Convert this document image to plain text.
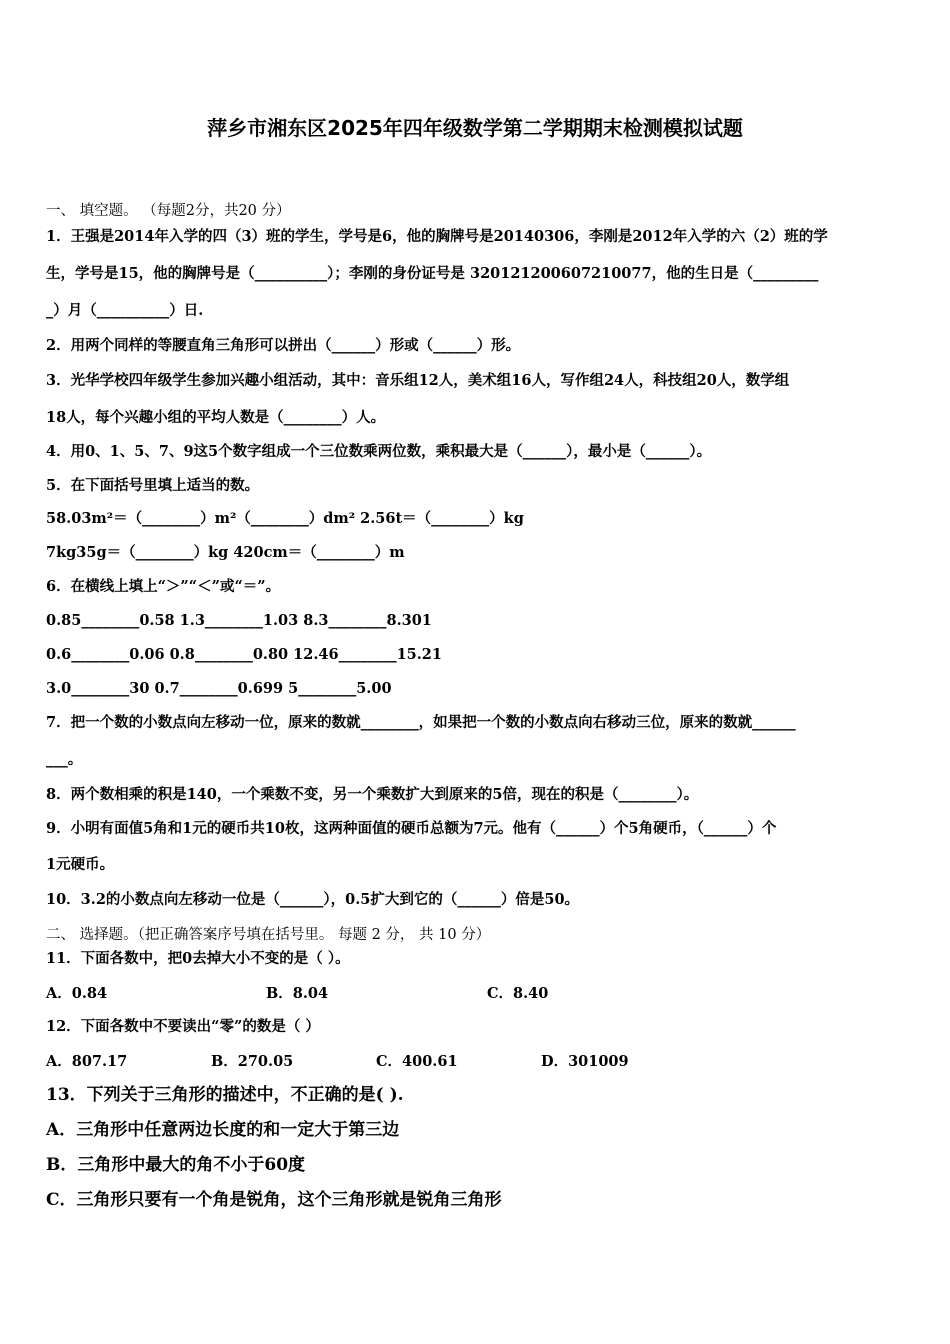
萍乡市湘东区2025年四年级数学第二学期期末检测模拟试题
一、 填空题。 （每题2分，共20 分）
1．王强是2014年入学的四（3）班的学生，学号是6，他的胸牌号是20140306，李刚是2012年入学的六（2）班的学
生，学号是15，他的胸牌号是（__________）；李刚的身份证号是 320121200607210077，他的生日是（_________
_）月（__________）日.
2．用两个同样的等腰直角三角形可以拼出（______）形或（______）形。
3．光华学校四年级学生参加兴趣小组活动，其中：音乐组12人，美术组16人，写作组24人，科技组20人，数学组
18人，每个兴趣小组的平均人数是（________）人。
4．用0、1、5、7、9这5个数字组成一个三位数乘两位数，乘积最大是（______），最小是（______）。
5．在下面括号里填上适当的数。
58.03m²＝（________）m²（________）dm² 2.56t＝（________）kg
7kg35g＝（________）kg 420cm＝（________）m
6．在横线上填上“＞”“＜”或“＝”。
0.85________0.58 1.3________1.03 8.3________8.301
0.6________0.06 0.8________0.80 12.46________15.21
3.0________30 0.7________0.699 5________5.00
7．把一个数的小数点向左移动一位，原来的数就________，如果把一个数的小数点向右移动三位，原来的数就______
___。
8．两个数相乘的积是140，一个乘数不变，另一个乘数扩大到原来的5倍，现在的积是（________）。
9．小明有面值5角和1元的硬币共10枚，这两种面值的硬币总额为7元。他有（______）个5角硬币，（______）个
1元硬币。
10．3.2的小数点向左移动一位是（______），0.5扩大到它的（______）倍是50。
二、 选择题。（把正确答案序号填在括号里。 每题 2 分， 共 10 分）
11．下面各数中，把0去掉大小不变的是（ ）。
A．0.84	B．8.04	C．8.40
12．下面各数中不要读出“零”的数是（ ）
A．807.17	B．270.05	C．400.61	D．301009
13．下列关于三角形的描述中，不正确的是( ).
A．三角形中任意两边长度的和一定大于第三边
B．三角形中最大的角不小于60度
C．三角形只要有一个角是锐角，这个三角形就是锐角三角形
